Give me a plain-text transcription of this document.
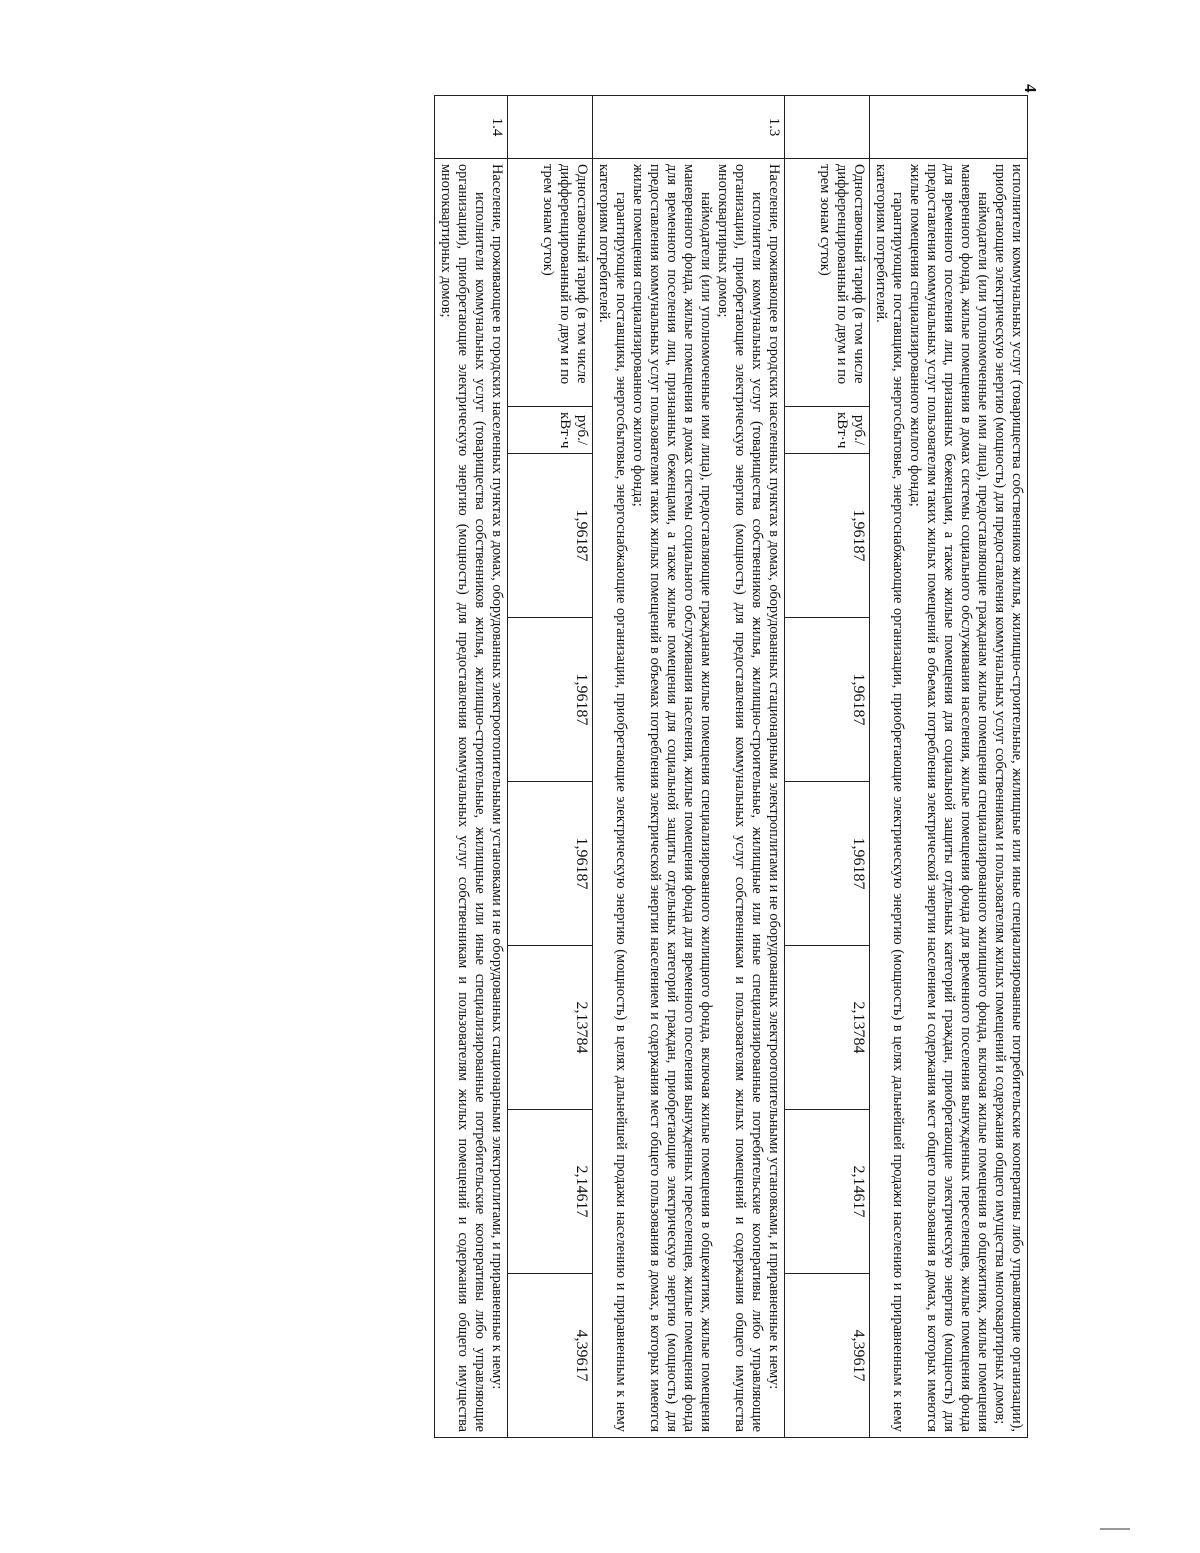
4

	исполнители коммунальных услуг (товарищества собственников жилья, жилищно-строительные, жилищные или иные специализированные потребительские кооперативы либо управляющие организации), приобретающие электрическую энергию (мощность) для предоставления коммунальных услуг собственникам и пользователям жилых помещений и содержания общего имущества многоквартирных домов;

наймодатели (или уполномоченные ими лица), предоставляющие гражданам жилые помещения специализированного жилищного фонда, включая жилые помещения в общежитиях, жилые помещения маневренного фонда, жилые помещения в домах системы социального обслуживания населения, жилые помещения фонда для временного поселения вынужденных переселенцев, жилые помещения фонда для временного поселения лиц, признанных беженцами, а также жилые помещения для социальной защиты отдельных категорий граждан, приобретающие электрическую энергию (мощность) для предоставления коммунальных услуг пользователям таких жилых помещений в объемах потребления электрической энергии населением и содержания мест общего пользования в домах, в которых имеются жилые помещения специализированного жилого фонда;

гарантирующие поставщики, энергосбытовые, энергоснабжающие организации, приобретающие электрическую энергию (мощность) в целях дальнейшей продажи населению и приравненным к нему категориям потребителей.							

	Одноставочный тариф (в том числе дифференцированный по двум и по трем зонам суток)	руб./кВт·ч	1,96187	1,96187	1,96187	2,13784	2,14617	4,39617
1.3	Население, проживающее в городских населенных пунктах в домах, оборудованных стационарными электроплитами и не оборудованных электроотопительными установками, и приравненные к нему:

исполнители коммунальных услуг (товарищества собственников жилья, жилищно-строительные, жилищные или иные специализированные потребительские кооперативы либо управляющие организации), приобретающие электрическую энергию (мощность) для предоставления коммунальных услуг собственникам и пользователям жилых помещений и содержания общего имущества многоквартирных домов;

наймодатели (или уполномоченные ими лица), предоставляющие гражданам жилые помещения специализированного жилищного фонда, включая жилые помещения в общежитиях, жилые помещения маневренного фонда, жилые помещения в домах системы социального обслуживания населения, жилые помещения фонда для временного поселения вынужденных переселенцев, жилые помещения фонда для временного поселения лиц, признанных беженцами, а также жилые помещения для социальной защиты отдельных категорий граждан, приобретающие электрическую энергию (мощность) для предоставления коммунальных услуг пользователям таких жилых помещений в объемах потребления электрической энергии населением и содержания мест общего пользования в домах, в которых имеются жилые помещения специализированного жилого фонда;

гарантирующие поставщики, энергосбытовые, энергоснабжающие организации, приобретающие электрическую энергию (мощность) в целях дальнейшей продажи населению и приравненным к нему категориям потребителей.							

	Одноставочный тариф (в том числе дифференцированный по двум и по трем зонам суток)	руб./кВт·ч	1,96187	1,96187	1,96187	2,13784	2,14617	4,39617
1.4	Население, проживающее в городских населенных пунктах в домах, оборудованных электроотопительными установками и не оборудованных стационарными электроплитами, и приравненные к нему:

исполнители коммунальных услуг (товарищества собственников жилья, жилищно-строительные, жилищные или иные специализированные потребительские кооперативы либо управляющие организации), приобретающие электрическую энергию (мощность) для предоставления коммунальных услуг собственникам и пользователям жилых помещений и содержания общего имущества многоквартирных домов;							
